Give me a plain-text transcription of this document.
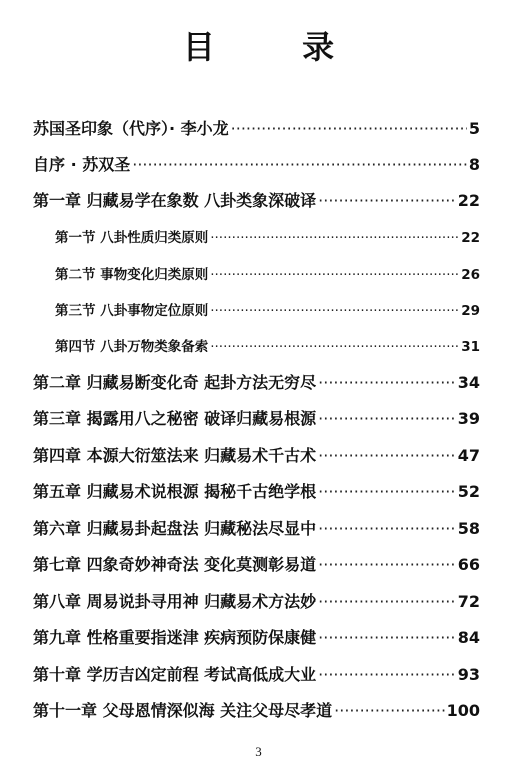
目 录
苏国圣印象（代序）· 李小龙 ·····	5
自序 · 苏双圣 ·····	8
第一章 归藏易学在象数 八卦类象深破译 ·····	22
第一节 八卦性质归类原则 ·····	22
第二节 事物变化归类原则 ·····	26
第三节 八卦事物定位原则 ·····	29
第四节 八卦万物类象备索 ·····	31
第二章 归藏易断变化奇 起卦方法无穷尽 ·····	34
第三章 揭露用八之秘密 破译归藏易根源 ·····	39
第四章 本源大衍筮法来 归藏易术千古术 ·····	47
第五章 归藏易术说根源 揭秘千古绝学根 ·····	52
第六章 归藏易卦起盘法 归藏秘法尽显中 ·····	58
第七章 四象奇妙神奇法 变化莫测彰易道 ·····	66
第八章 周易说卦寻用神 归藏易术方法妙 ·····	72
第九章 性格重要指迷津 疾病预防保康健 ·····	84
第十章 学历吉凶定前程 考试高低成大业 ·····	93
第十一章 父母恩情深似海 关注父母尽孝道 ·····	100
3
